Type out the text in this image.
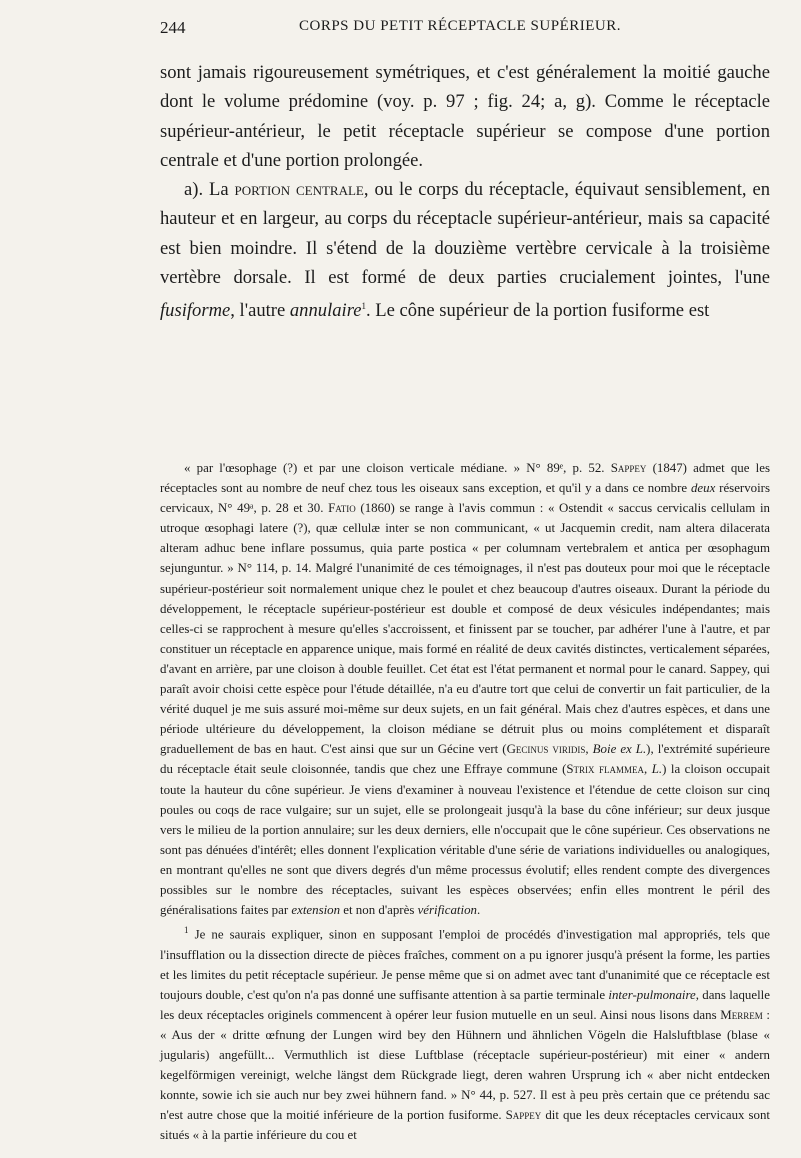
244	CORPS DU PETIT RÉCEPTACLE SUPÉRIEUR.

sont jamais rigoureusement symétriques, et c'est généralement la moitié gauche dont le volume prédomine (voy. p. 97 ; fig. 24; a, g). Comme le réceptacle supérieur-antérieur, le petit réceptacle supérieur se compose d'une portion centrale et d'une portion prolongée.

a). La portion centrale, ou le corps du réceptacle, équivaut sensiblement, en hauteur et en largeur, au corps du réceptacle supérieur-antérieur, mais sa capacité est bien moindre. Il s'étend de la douzième vertèbre cervicale à la troisième vertèbre dorsale. Il est formé de deux parties crucialement jointes, l'une fusiforme, l'autre annulaire$^1$. Le cône supérieur de la portion fusiforme est

« par l'œsophage (?) et par une cloison verticale médiane. » N° 89ᵉ, p. 52. Sappey (1847) admet que les réceptacles sont au nombre de neuf chez tous les oiseaux sans exception, et qu'il y a dans ce nombre deux réservoirs cervicaux, N° 49ᵃ, p. 28 et 30. Fatio (1860) se range à l'avis commun : « Ostendit « saccus cervicalis cellulam in utroque œsophagi latere (?), quæ cellulæ inter se non communicant, « ut Jacquemin credit, nam altera dilacerata alteram adhuc bene inflare possumus, quia parte postica « per columnam vertebralem et antica per œsophagum sejunguntur. » N° 114, p. 14. Malgré l'unanimité de ces témoignages, il n'est pas douteux pour moi que le réceptacle supérieur-postérieur soit normalement unique chez le poulet et chez beaucoup d'autres oiseaux. Durant la période du développement, le réceptacle supérieur-postérieur est double et composé de deux vésicules indépendantes; mais celles-ci se rapprochent à mesure qu'elles s'accroissent, et finissent par se toucher, par adhérer l'une à l'autre, et par constituer un réceptacle en apparence unique, mais formé en réalité de deux cavités distinctes, verticalement séparées, d'avant en arrière, par une cloison à double feuillet. Cet état est l'état permanent et normal pour le canard. Sappey, qui paraît avoir choisi cette espèce pour l'étude détaillée, n'a eu d'autre tort que celui de convertir un fait particulier, de la vérité duquel je me suis assuré moi-même sur deux sujets, en un fait général. Mais chez d'autres espèces, et dans une période ultérieure du développement, la cloison médiane se détruit plus ou moins complétement et disparaît graduellement de bas en haut. C'est ainsi que sur un Gécine vert (Gecinus viridis, Boie ex L.), l'extrémité supérieure du réceptacle était seule cloisonnée, tandis que chez une Effraye commune (Strix flammea, L.) la cloison occupait toute la hauteur du cône supérieur. Je viens d'examiner à nouveau l'existence et l'étendue de cette cloison sur cinq poules ou coqs de race vulgaire; sur un sujet, elle se prolongeait jusqu'à la base du cône inférieur; sur deux jusque vers le milieu de la portion annulaire; sur les deux derniers, elle n'occupait que le cône supérieur. Ces observations ne sont pas dénuées d'intérêt; elles donnent l'explication véritable d'une série de variations individuelles ou analogiques, en montrant qu'elles ne sont que divers degrés d'un même processus évolutif; elles rendent compte des divergences possibles sur le nombre des réceptacles, suivant les espèces observées; enfin elles montrent le péril des généralisations faites par extension et non d'après vérification.

$^1$ Je ne saurais expliquer, sinon en supposant l'emploi de procédés d'investigation mal appropriés, tels que l'insufflation ou la dissection directe de pièces fraîches, comment on a pu ignorer jusqu'à présent la forme, les parties et les limites du petit réceptacle supérieur. Je pense même que si on admet avec tant d'unanimité que ce réceptacle est toujours double, c'est qu'on n'a pas donné une suffisante attention à sa partie terminale inter-pulmonaire, dans laquelle les deux réceptacles originels commencent à opérer leur fusion mutuelle en un seul. Ainsi nous lisons dans Merrem : « Aus der « dritte œfnung der Lungen wird bey den Hühnern und ähnlichen Vögeln die Halsluftblase (blase « jugularis) angefüllt... Vermuthlich ist diese Luftblase (réceptacle supérieur-postérieur) mit einer « andern kegelförmigen vereinigt, welche längst dem Rückgrade liegt, deren wahren Ursprung ich « aber nicht entdecken konnte, sowie ich sie auch nur bey zwei hühnern fand. » N° 44, p. 527. Il est à peu près certain que ce prétendu sac n'est autre chose que la moitié inférieure de la portion fusiforme. Sappey dit que les deux réceptacles cervicaux sont situés « à la partie inférieure du cou et
